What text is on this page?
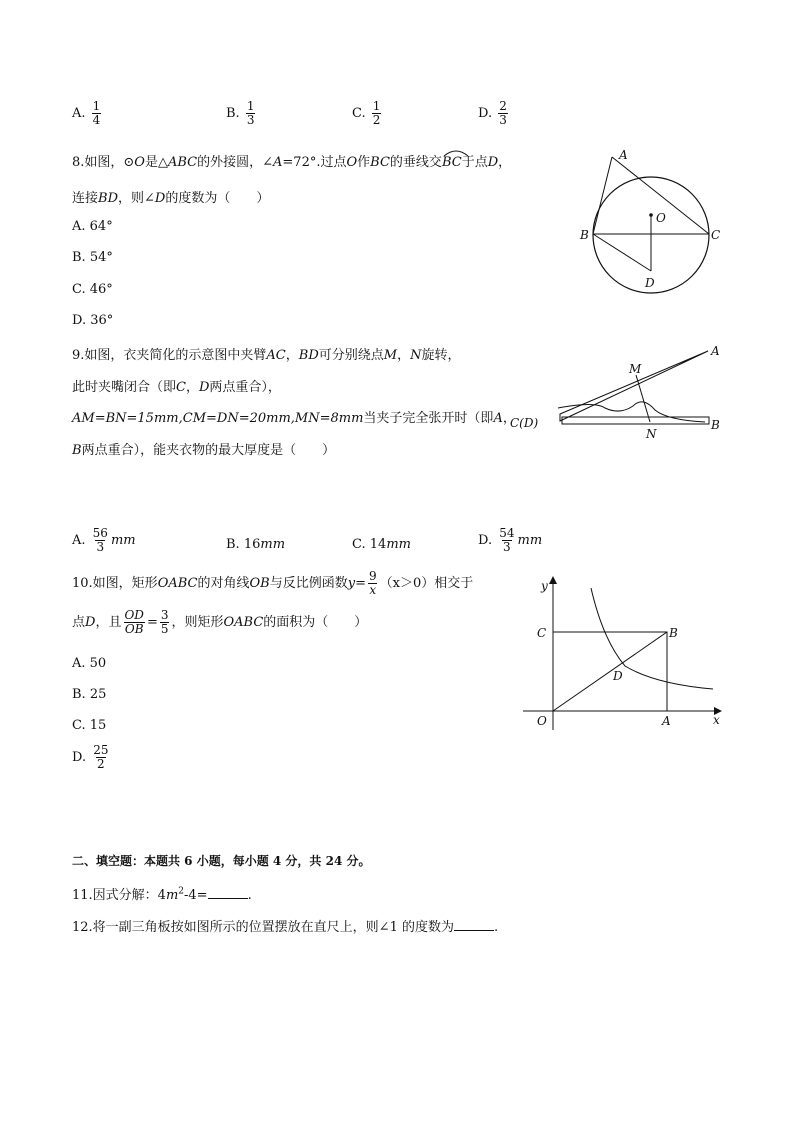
A. $\frac{1}{4}$	B. $\frac{1}{3}$	C. $\frac{1}{2}$	D. $\frac{2}{3}$
8.如图，⊙O是△ABC的外接圆，∠A=72°.过点O作BC的垂线交
BC于点D，
连接BD，则∠D的度数为（　　）
A. 64°
B. 54°
C. 46°
D. 36°
A
B	C
D
O
9.如图，衣夹简化的示意图中夹臂AC，BD可分别绕点M，N旋转，
此时夹嘴闭合（即C，D两点重合），
AM=BN=15mm,CM=DN=20mm,MN=8mm当夹子完全张开时（即A，
B两点重合），能夹衣物的最大厚度是（　　）
A
M
C(D)
N
B
A. $\frac{56}{3}$ mm	B. 16mm	C. 14mm	D. $\frac{54}{3}$ mm
10.如图，矩形OABC的对角线OB与反比例函数$y= \frac{9}{x} (x>0)$相交于
点D，且 $\frac{OD}{OB} = \frac{3}{5}$ ，则矩形OABC的面积为（　　）
A. 50
B. 25
C. 15
D. $\frac{25}{2}$
y
x
C	B
D
O	A
二、填空题：本题共 6 小题，每小题 4 分，共 24 分。
11.因式分解：$4m^2-4=$	.
12.将一副三角板按如图所示的位置摆放在直尺上，则∠1 的度数为	.
